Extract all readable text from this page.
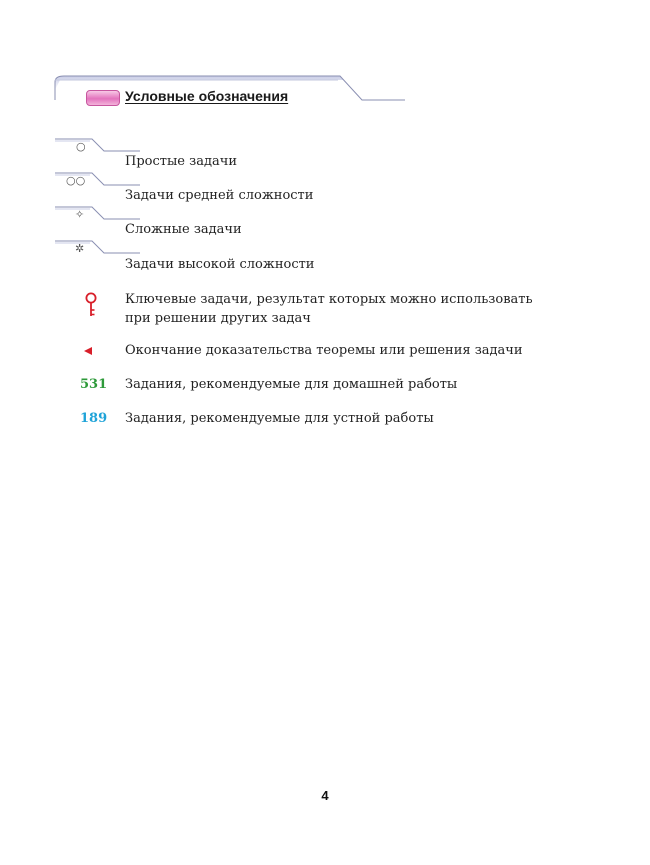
Условные обозначения
○
Простые задачи
○○
Задачи средней сложности
✧
Сложные задачи
✲
Задачи высокой сложности
Ключевые задачи, результат которых можно использовать при решении других задач
Окончание доказательства теоремы или решения задачи
531 Задания, рекомендуемые для домашней работы
189 Задания, рекомендуемые для устной работы
4
